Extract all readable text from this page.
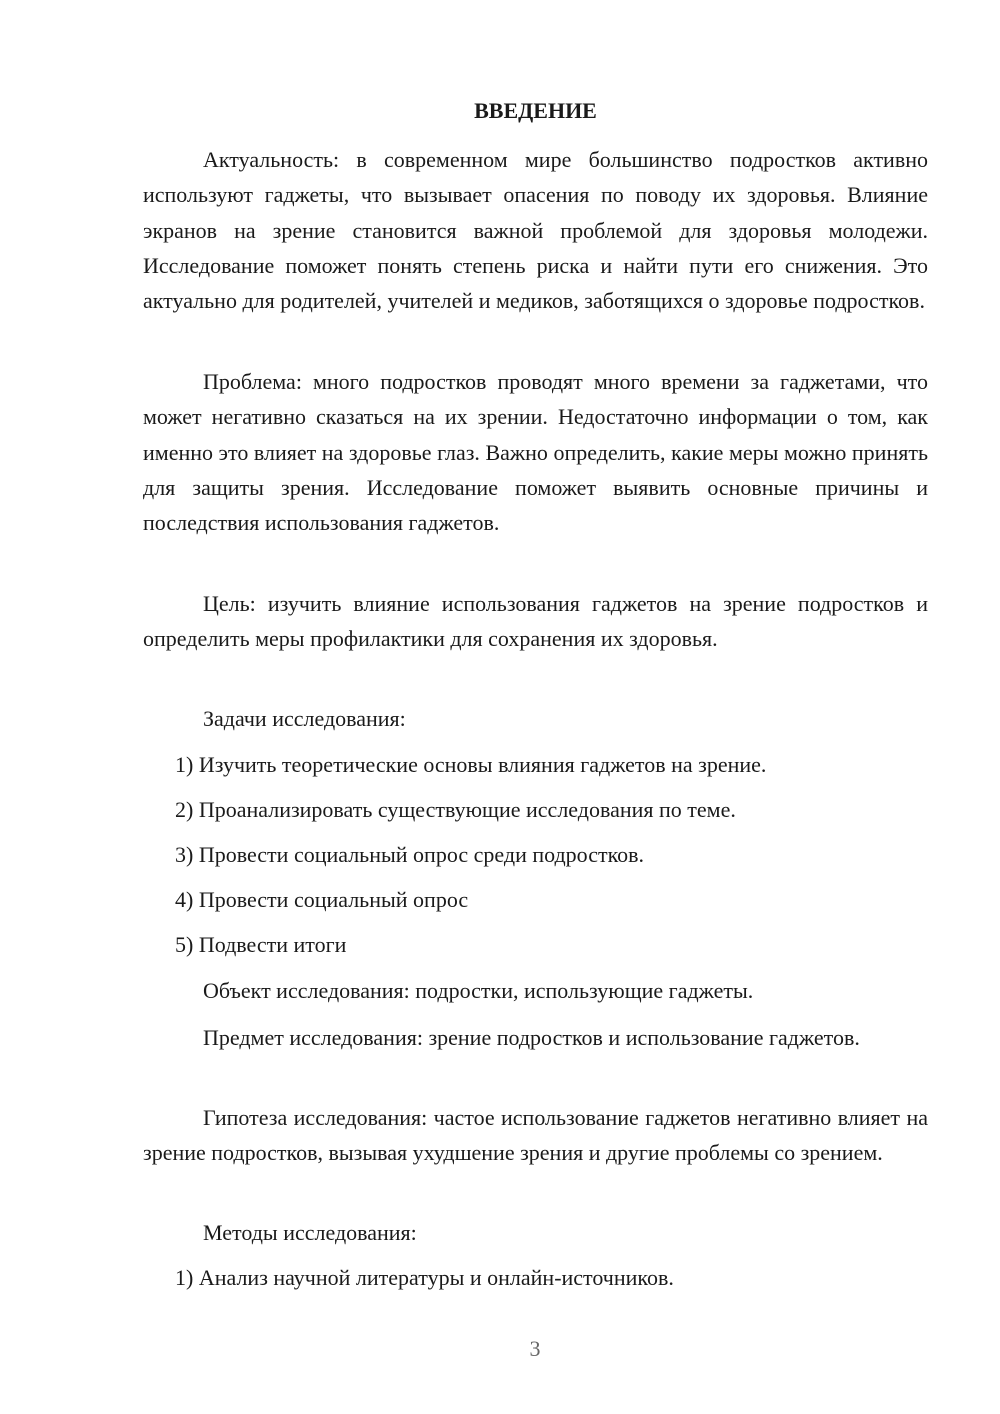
ВВЕДЕНИЕ

Актуальность: в современном мире большинство подростков активно используют гаджеты, что вызывает опасения по поводу их здоровья. Влияние экранов на зрение становится важной проблемой для здоровья молодежи. Исследование поможет понять степень риска и найти пути его снижения. Это актуально для родителей, учителей и медиков, заботящихся о здоровье подростков.

Проблема: много подростков проводят много времени за гаджетами, что может негативно сказаться на их зрении. Недостаточно информации о том, как именно это влияет на здоровье глаз. Важно определить, какие меры можно принять для защиты зрения. Исследование поможет выявить основные причины и последствия использования гаджетов.

Цель: изучить влияние использования гаджетов на зрение подростков и определить меры профилактики для сохранения их здоровья.

Задачи исследования:
1) Изучить теоретические основы влияния гаджетов на зрение.
2) Проанализировать существующие исследования по теме.
3) Провести социальный опрос среди подростков.
4) Провести социальный опрос
5) Подвести итоги
Объект исследования: подростки, использующие гаджеты.

Предмет исследования: зрение подростков и использование гаджетов.

Гипотеза исследования: частое использование гаджетов негативно влияет на зрение подростков, вызывая ухудшение зрения и другие проблемы со зрением.

Методы исследования:
1) Анализ научной литературы и онлайн-источников.
3
